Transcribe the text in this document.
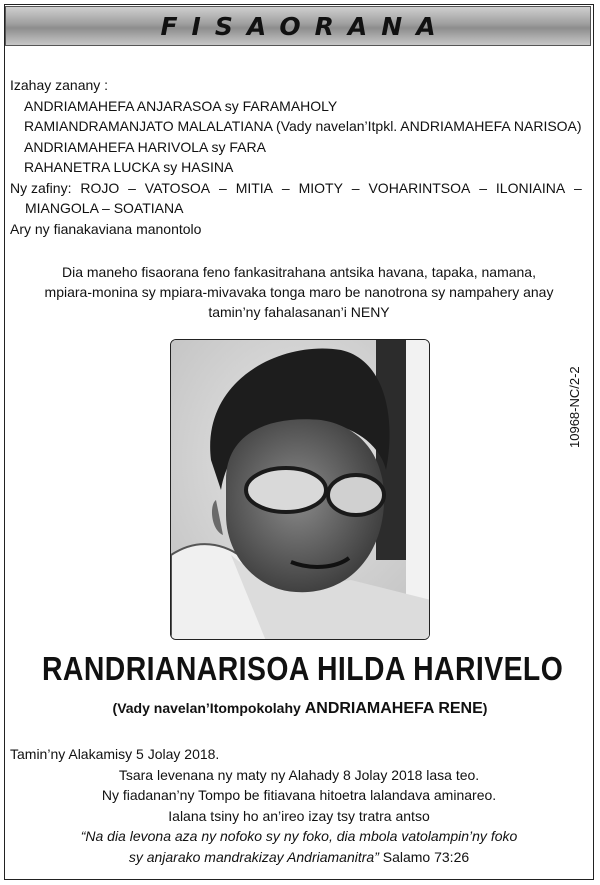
FISAORANA
Izahay zanany :
ANDRIAMAHEFA ANJARASOA sy FARAMAHOLY
RAMIANDRAMANJATO MALALATIANA (Vady navelan’Itpkl. ANDRIAMAHEFA NARISOA)
ANDRIAMAHEFA HARIVOLA sy FARA
RAHANETRA LUCKA sy HASINA
Ny zafiny: ROJO – VATOSOA – MITIA – MIOTY – VOHARINTSOA – ILONIAINA –
MIANGOLA – SOATIANA
Ary ny fianakaviana manontolo
Dia maneho fisaorana feno fankasitrahana antsika havana, tapaka, namana,
mpiara-monina sy mpiara-mivavaka tonga maro be nanotrona sy nampahery anay
tamin’ny fahalasanan’i NENY
10968-NC/2-2
RANDRIANARISOA HILDA HARIVELO
(Vady navelan’Itompokolahy ANDRIAMAHEFA RENE)
Tamin’ny Alakamisy 5 Jolay 2018.
Tsara levenana ny maty ny Alahady 8 Jolay 2018 lasa teo.
Ny fiadanan’ny Tompo be fitiavana hitoetra lalandava aminareo.
Ialana tsiny ho an’ireo izay tsy tratra antso
“Na dia levona aza ny nofoko sy ny foko, dia mbola vatolampin’ny foko
sy anjarako mandrakizay Andriamanitra” Salamo 73:26
